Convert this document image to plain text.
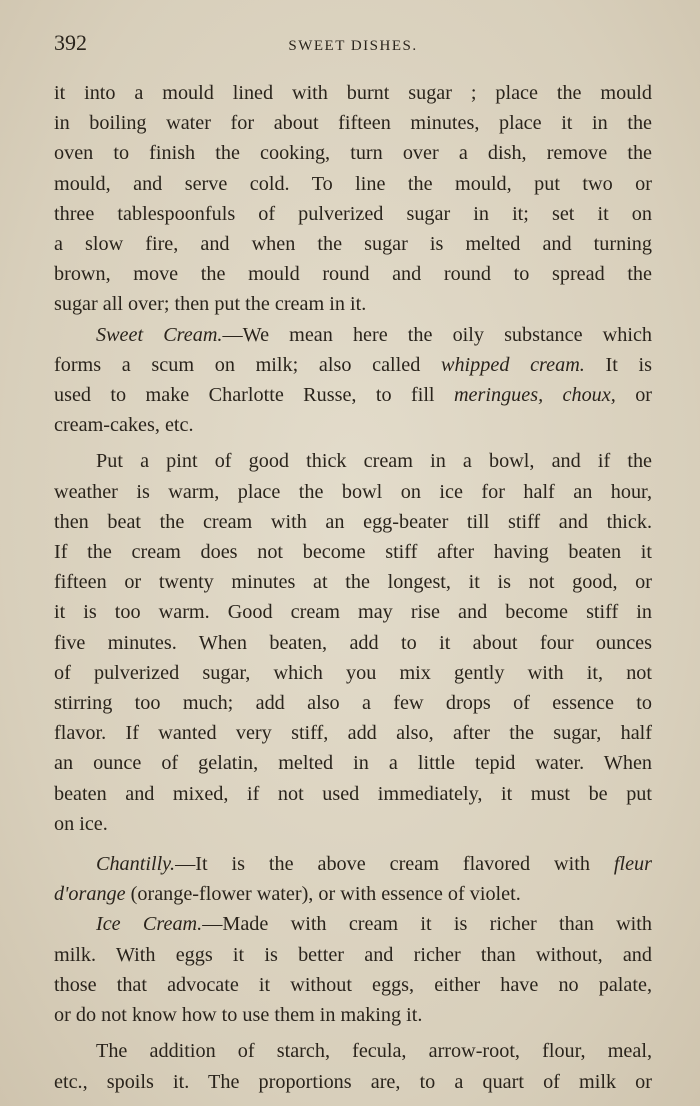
392	SWEET DISHES.

it into a mould lined with burnt sugar ; place the mould
in boiling water for about fifteen minutes, place it in the
oven to finish the cooking, turn over a dish, remove the
mould, and serve cold. To line the mould, put two or
three tablespoonfuls of pulverized sugar in it; set it on
a slow fire, and when the sugar is melted and turning
brown, move the mould round and round to spread the
sugar all over; then put the cream in it.

Sweet Cream.—We mean here the oily substance which
forms a scum on milk; also called whipped cream. It is
used to make Charlotte Russe, to fill meringues, choux, or
cream-cakes, etc.

Put a pint of good thick cream in a bowl, and if the
weather is warm, place the bowl on ice for half an hour,
then beat the cream with an egg-beater till stiff and thick.
If the cream does not become stiff after having beaten it
fifteen or twenty minutes at the longest, it is not good, or
it is too warm. Good cream may rise and become stiff in
five minutes. When beaten, add to it about four ounces
of pulverized sugar, which you mix gently with it, not
stirring too much; add also a few drops of essence to
flavor. If wanted very stiff, add also, after the sugar, half
an ounce of gelatin, melted in a little tepid water. When
beaten and mixed, if not used immediately, it must be put
on ice.

Chantilly.—It is the above cream flavored with fleur
d'orange (orange-flower water), or with essence of violet.

Ice Cream.—Made with cream it is richer than with
milk. With eggs it is better and richer than without, and
those that advocate it without eggs, either have no palate,
or do not know how to use them in making it.

The addition of starch, fecula, arrow-root, flour, meal,
etc., spoils it. The proportions are, to a quart of milk or
